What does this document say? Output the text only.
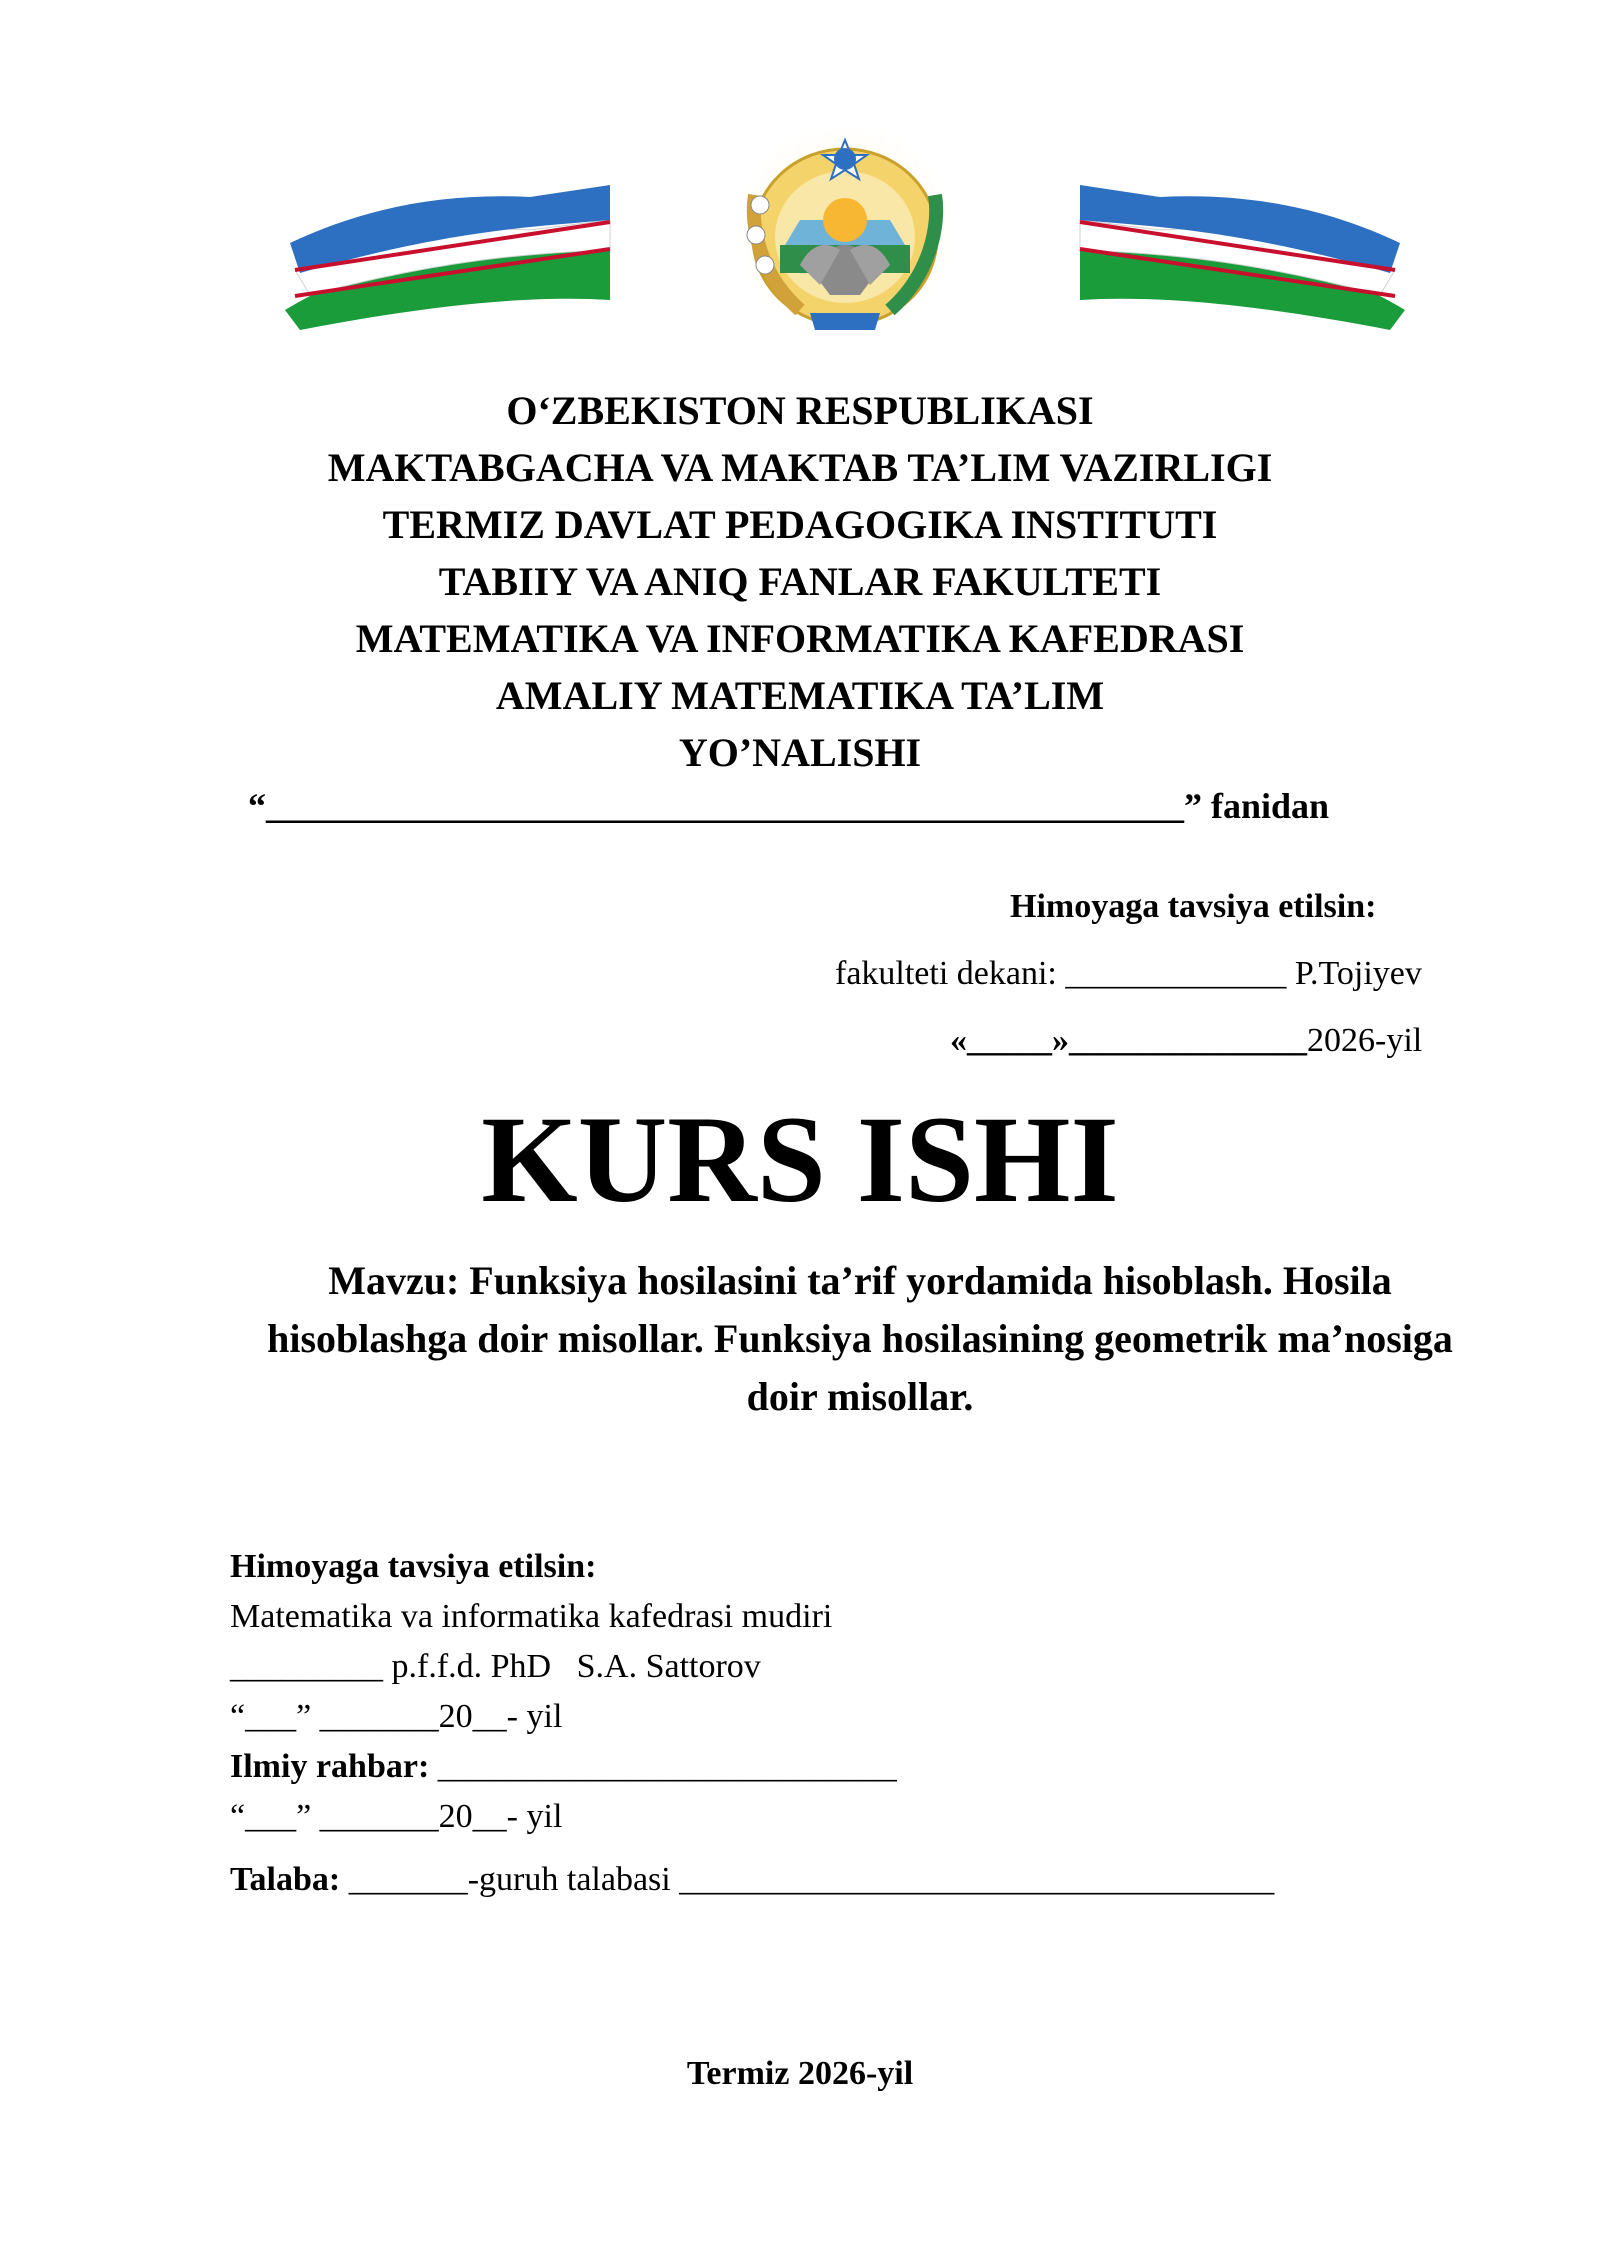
O‘ZBEKISTON RESPUBLIKASI
MAKTABGACHA VA MAKTAB TA’LIM VAZIRLIGI
TERMIZ DAVLAT PEDAGOGIKA INSTITUTI
TABIIY VA ANIQ FANLAR FAKULTETI
MATEMATIKA VA INFORMATIKA KAFEDRASI
AMALIY MATEMATIKA TA’LIM
YO’NALISHI
“___________________________________________________” fanidan
Himoyaga tavsiya etilsin:
fakulteti dekani: _____________ P.Tojiyev
«_____»______________2026-yil
KURS ISHI
Mavzu: Funksiya hosilasini ta’rif yordamida hisoblash. Hosila hisoblashga doir misollar. Funksiya hosilasining geometrik ma’nosiga doir misollar.
Himoyaga tavsiya etilsin:
Matematika va informatika kafedrasi mudiri
_________ p.f.f.d. PhD   S.A. Sattorov
“___” _______20__- yil
Ilmiy rahbar: ___________________________
“___” _______20__- yil
Talaba: _______-guruh talabasi ___________________________________
Termiz 2026-yil
